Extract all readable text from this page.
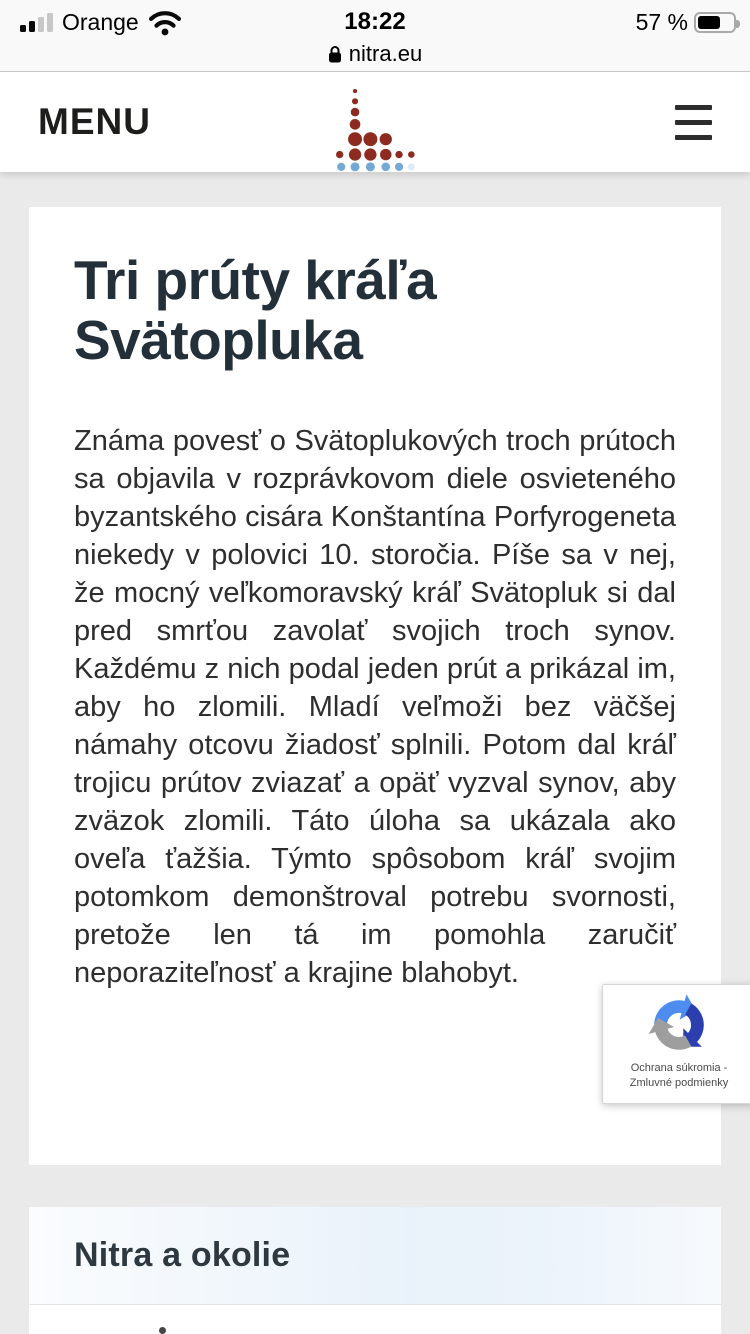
Orange	18:22	57 %
nitra.eu
MENU
Tri prúty kráľa Svätopluka

Známa povesť o Svätoplukových troch prútoch sa objavila v rozprávkovom diele osvieteného byzantského cisára Konštantína Porfyrogeneta niekedy v polovici 10. storočia. Píše sa v nej, že mocný veľkomoravský kráľ Svätopluk si dal pred smrťou zavolať svojich troch synov. Každému z nich podal jeden prút a prikázal im, aby ho zlomili. Mladí veľmoži bez väčšej námahy otcovu žiadosť splnili. Potom dal kráľ trojicu prútov zviazať a opäť vyzval synov, aby zväzok zlomili. Táto úloha sa ukázala ako oveľa ťažšia. Týmto spôsobom kráľ svojim potomkom demonštroval potrebu svornosti, pretože len tá im pomohla zaručiť neporaziteľnosť a krajine blahobyt.

Ochrana súkromia - Zmluvné podmienky
Nitra a okolie
